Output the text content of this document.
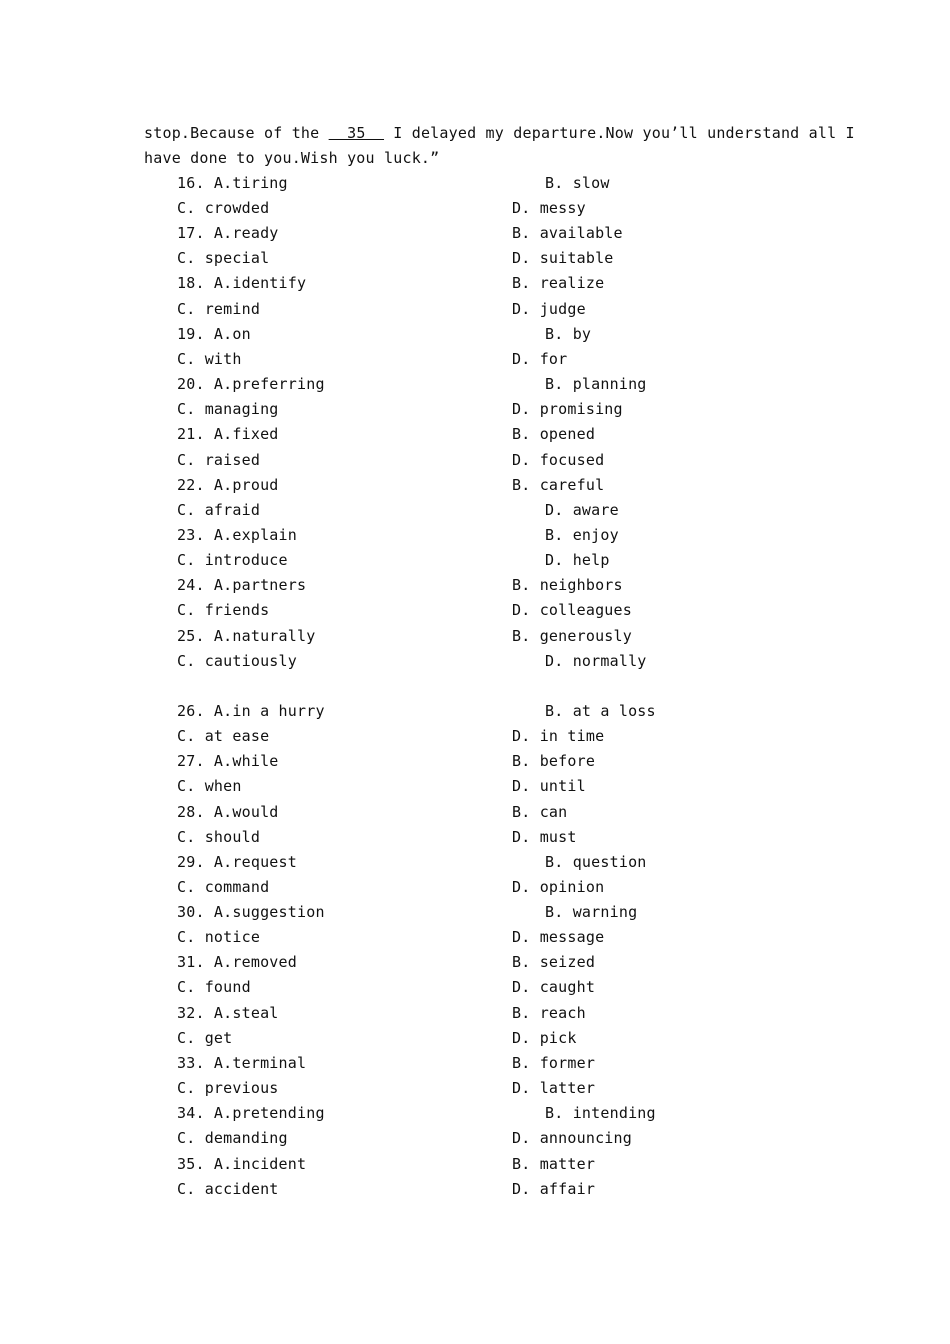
stop.Because of the   35   I delayed my departure.Now you’ll understand all I
have done to you.Wish you luck.”
16. A.tiring	B. slow
C. crowded	D. messy
17. A.ready	B. available
C. special	D. suitable
18. A.identify	B. realize
C. remind	D. judge
19. A.on	B. by
C. with	D. for
20. A.preferring	B. planning
C. managing	D. promising
21. A.fixed	B. opened
C. raised	D. focused
22. A.proud	B. careful
C. afraid	D. aware
23. A.explain	B. enjoy
C. introduce	D. help
24. A.partners	B. neighbors
C. friends	D. colleagues
25. A.naturally	B. generously
C. cautiously	D. normally
26. A.in a hurry	B. at a loss
C. at ease	D. in time
27. A.while	B. before
C. when	D. until
28. A.would	B. can
C. should	D. must
29. A.request	B. question
C. command	D. opinion
30. A.suggestion	B. warning
C. notice	D. message
31. A.removed	B. seized
C. found	D. caught
32. A.steal	B. reach
C. get	D. pick
33. A.terminal	B. former
C. previous	D. latter
34. A.pretending	B. intending
C. demanding	D. announcing
35. A.incident	B. matter
C. accident	D. affair
